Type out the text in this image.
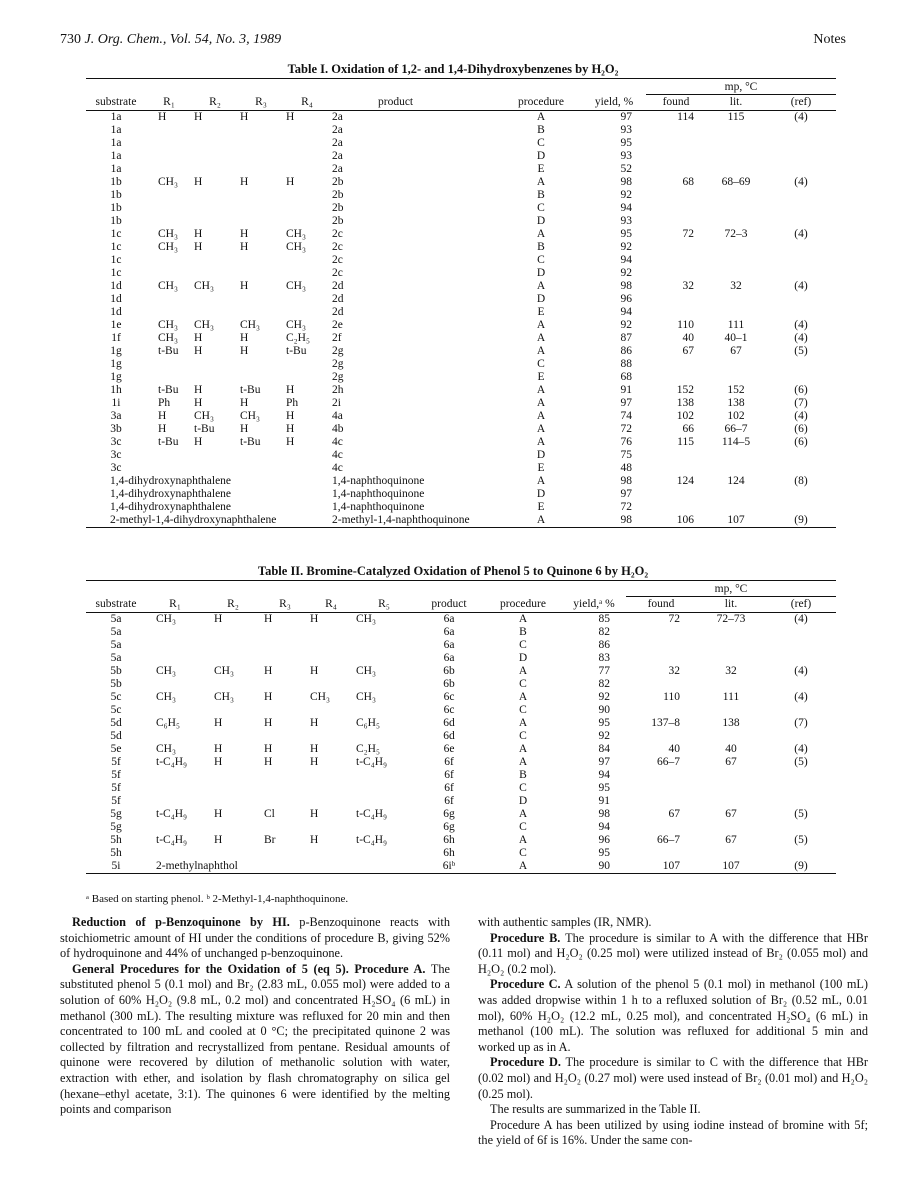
730 J. Org. Chem., Vol. 54, No. 3, 1989	Notes
Table I. Oxidation of 1,2- and 1,4-Dihydroxybenzenes by H₂O₂
								mp, °C		
substrate	R₁	R₂	R₃	R₄	product	procedure	yield, %	found	lit.	(ref)
1a	H	H	H	H	2a	A	97	114	115	(4)
1a					2a	B	93			
1a					2a	C	95			
1a					2a	D	93			
1a					2a	E	52			
1b	CH₃	H	H	H	2b	A	98	68	68–69	(4)
1b					2b	B	92			
1b					2b	C	94			
1b					2b	D	93			
1c	CH₃	H	H	CH₃	2c	A	95	72	72–3	(4)
1c	CH₃	H	H	CH₃	2c	B	92			
1c					2c	C	94			
1c					2c	D	92			
1d	CH₃	CH₃	H	CH₃	2d	A	98	32	32	(4)
1d					2d	D	96			
1d					2d	E	94			
1e	CH₃	CH₃	CH₃	CH₃	2e	A	92	110	111	(4)
1f	CH₃	H	H	C₂H₅	2f	A	87	40	40–1	(4)
1g	t-Bu	H	H	t-Bu	2g	A	86	67	67	(5)
1g					2g	C	88			
1g					2g	E	68			
1h	t-Bu	H	t-Bu	H	2h	A	91	152	152	(6)
1i	Ph	H	H	Ph	2i	A	97	138	138	(7)
3a	H	CH₃	CH₃	H	4a	A	74	102	102	(4)
3b	H	t-Bu	H	H	4b	A	72	66	66–7	(6)
3c	t-Bu	H	t-Bu	H	4c	A	76	115	114–5	(6)
3c					4c	D	75			
3c					4c	E	48			
1,4-dihydroxynaphthalene					1,4-naphthoquinone	A	98	124	124	(8)
1,4-dihydroxynaphthalene					1,4-naphthoquinone	D	97			
1,4-dihydroxynaphthalene					1,4-naphthoquinone	E	72			
2-methyl-1,4-dihydroxynaphthalene					2-methyl-1,4-naphthoquinone	A	98	106	107	(9)
Table II. Bromine-Catalyzed Oxidation of Phenol 5 to Quinone 6 by H₂O₂
									mp, °C		
substrate	R₁	R₂	R₃	R₄	R₅	product	procedure	yield,ᵃ %	found	lit.	(ref)
5a	CH₃	H	H	H	CH₃	6a	A	85	72	72–73	(4)
5a						6a	B	82			
5a						6a	C	86			
5a						6a	D	83			
5b	CH₃	CH₃	H	H	CH₃	6b	A	77	32	32	(4)
5b						6b	C	82			
5c	CH₃	CH₃	H	CH₃	CH₃	6c	A	92	110	111	(4)
5c						6c	C	90			
5d	C₆H₅	H	H	H	C₆H₅	6d	A	95	137–8	138	(7)
5d						6d	C	92			
5e	CH₃	H	H	H	C₂H₅	6e	A	84	40	40	(4)
5f	t-C₄H₉	H	H	H	t-C₄H₉	6f	A	97	66–7	67	(5)
5f						6f	B	94			
5f						6f	C	95			
5f						6f	D	91			
5g	t-C₄H₉	H	Cl	H	t-C₄H₉	6g	A	98	67	67	(5)
5g						6g	C	94			
5h	t-C₄H₉	H	Br	H	t-C₄H₉	6h	A	96	66–7	67	(5)
5h						6h	C	95			
5i	2-methylnaphthol					6iᵇ	A	90	107	107	(9)
ᵃ Based on starting phenol. ᵇ 2-Methyl-1,4-naphthoquinone.

Reduction of p-Benzoquinone by HI. p-Benzoquinone reacts with stoichiometric amount of HI under the conditions of procedure B, giving 52% of hydroquinone and 44% of unchanged p-benzoquinone.

General Procedures for the Oxidation of 5 (eq 5). Procedure A. The substituted phenol 5 (0.1 mol) and Br₂ (2.83 mL, 0.055 mol) were added to a solution of 60% H₂O₂ (9.8 mL, 0.2 mol) and concentrated H₂SO₄ (6 mL) in methanol (300 mL). The resulting mixture was refluxed for 20 min and then concentrated to 100 mL and cooled at 0 °C; the precipitated quinone 2 was collected by filtration and recrystallized from pentane. Residual amounts of quinone were recovered by dilution of methanolic solution with water, extraction with ether, and isolation by flash chromatography on silica gel (hexane–ethyl acetate, 3:1). The quinones 6 were identified by the melting points and comparison

with authentic samples (IR, NMR).

Procedure B. The procedure is similar to A with the difference that HBr (0.11 mol) and H₂O₂ (0.25 mol) were utilized instead of Br₂ (0.055 mol) and H₂O₂ (0.2 mol).

Procedure C. A solution of the phenol 5 (0.1 mol) in methanol (100 mL) was added dropwise within 1 h to a refluxed solution of Br₂ (0.52 mL, 0.01 mol), 60% H₂O₂ (12.2 mL, 0.25 mol), and concentrated H₂SO₄ (6 mL) in methanol (100 mL). The solution was refluxed for additional 5 min and worked up as in A.

Procedure D. The procedure is similar to C with the difference that HBr (0.02 mol) and H₂O₂ (0.27 mol) were used instead of Br₂ (0.01 mol) and H₂O₂ (0.25 mol).

The results are summarized in the Table II.

Procedure A has been utilized by using iodine instead of bromine with 5f; the yield of 6f is 16%. Under the same con-
